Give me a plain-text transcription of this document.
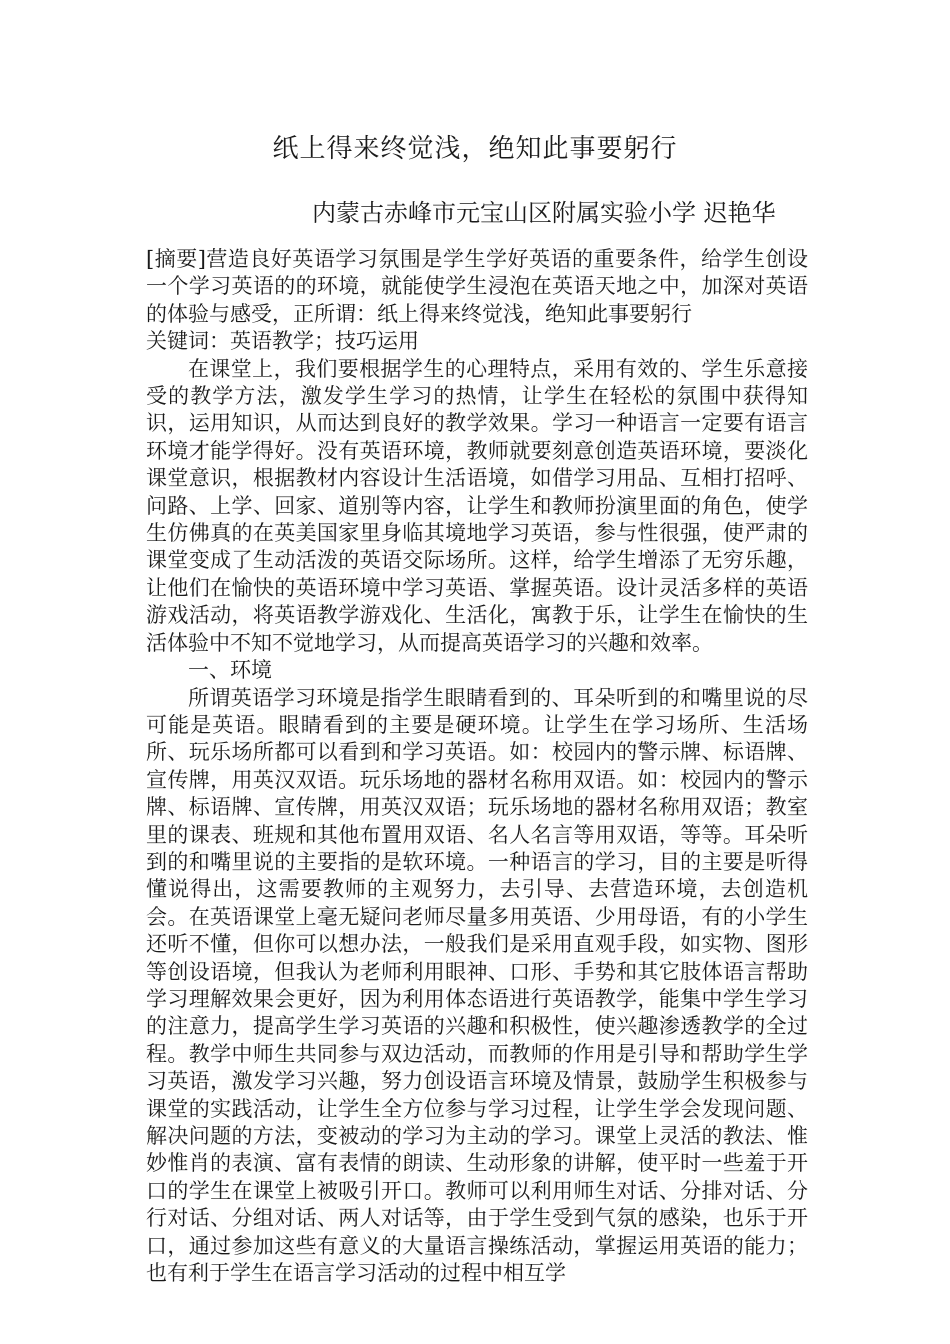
纸上得来终觉浅，绝知此事要躬行
内蒙古赤峰市元宝山区附属实验小学 迟艳华

[摘要]营造良好英语学习氛围是学生学好英语的重要条件，给学生创设一个学习英语的的环境，就能使学生浸泡在英语天地之中，加深对英语的体验与感受，正所谓：纸上得来终觉浅，绝知此事要躬行

关键词：英语教学；技巧运用

在课堂上，我们要根据学生的心理特点，采用有效的、学生乐意接受的教学方法，激发学生学习的热情，让学生在轻松的氛围中获得知识，运用知识，从而达到良好的教学效果。学习一种语言一定要有语言环境才能学得好。没有英语环境，教师就要刻意创造英语环境，要淡化课堂意识，根据教材内容设计生活语境，如借学习用品、互相打招呼、问路、上学、回家、道别等内容，让学生和教师扮演里面的角色，使学生仿佛真的在英美国家里身临其境地学习英语，参与性很强，使严肃的课堂变成了生动活泼的英语交际场所。这样，给学生增添了无穷乐趣，让他们在愉快的英语环境中学习英语、掌握英语。设计灵活多样的英语游戏活动，将英语教学游戏化、生活化，寓教于乐，让学生在愉快的生活体验中不知不觉地学习，从而提高英语学习的兴趣和效率。

一、环境

所谓英语学习环境是指学生眼睛看到的、耳朵听到的和嘴里说的尽可能是英语。眼睛看到的主要是硬环境。让学生在学习场所、生活场所、玩乐场所都可以看到和学习英语。如：校园内的警示牌、标语牌、宣传牌，用英汉双语。玩乐场地的器材名称用双语。如：校园内的警示牌、标语牌、宣传牌，用英汉双语；玩乐场地的器材名称用双语；教室里的课表、班规和其他布置用双语、名人名言等用双语，等等。耳朵听到的和嘴里说的主要指的是软环境。一种语言的学习，目的主要是听得懂说得出，这需要教师的主观努力，去引导、去营造环境，去创造机会。在英语课堂上毫无疑问老师尽量多用英语、少用母语，有的小学生还听不懂，但你可以想办法，一般我们是采用直观手段，如实物、图形等创设语境，但我认为老师利用眼神、口形、手势和其它肢体语言帮助学习理解效果会更好，因为利用体态语进行英语教学，能集中学生学习的注意力，提高学生学习英语的兴趣和积极性，使兴趣渗透教学的全过程。教学中师生共同参与双边活动，而教师的作用是引导和帮助学生学习英语，激发学习兴趣，努力创设语言环境及情景，鼓励学生积极参与课堂的实践活动，让学生全方位参与学习过程，让学生学会发现问题、解决问题的方法，变被动的学习为主动的学习。课堂上灵活的教法、惟妙惟肖的表演、富有表情的朗读、生动形象的讲解，使平时一些羞于开口的学生在课堂上被吸引开口。教师可以利用师生对话、分排对话、分行对话、分组对话、两人对话等，由于学生受到气氛的感染，也乐于开口，通过参加这些有意义的大量语言操练活动，掌握运用英语的能力；也有利于学生在语言学习活动的过程中相互学
